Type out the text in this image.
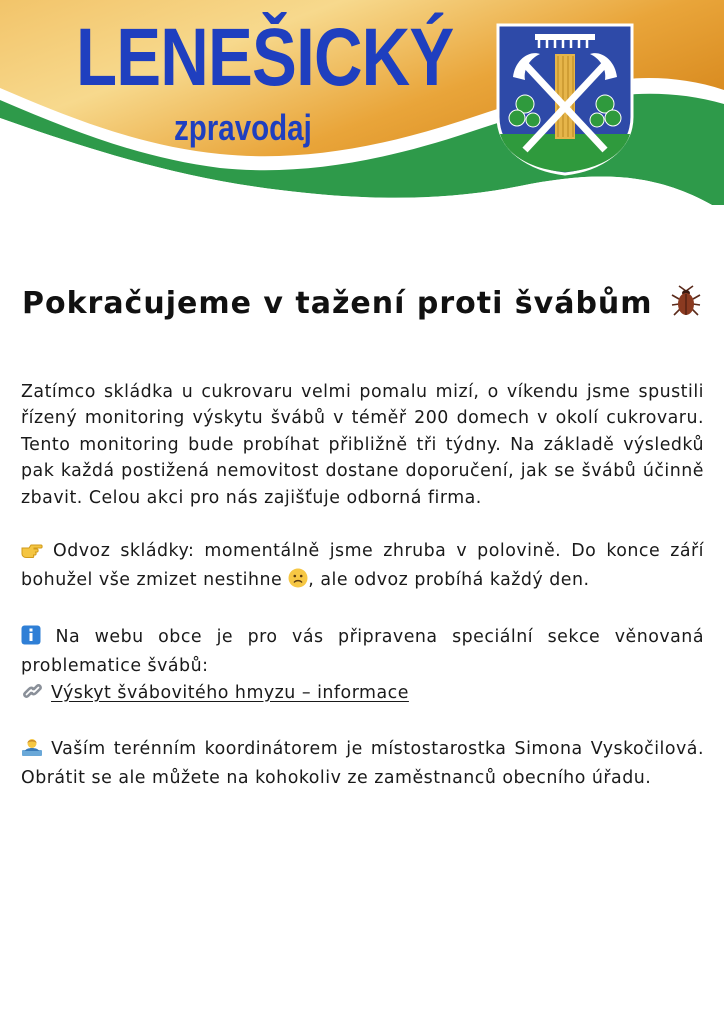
LENEŠICKÝ
zpravodaj
Pokračujeme v tažení proti švábům

Zatímco skládka u cukrovaru velmi pomalu mizí, o víkendu jsme spustili řízený monitoring výskytu švábů v téměř 200 domech v okolí cukrovaru. Tento monitoring bude probíhat přibližně tři týdny. Na základě výsledků pak každá postižená nemovitost dostane doporučení, jak se švábů účinně zbavit. Celou akci pro nás zajišťuje odborná firma.

Odvoz skládky: momentálně jsme zhruba v polovině. Do konce září bohužel vše zmizet nestihne , ale odvoz probíhá každý den.

Na webu obce je pro vás připravena speciální sekce věnovaná problematice švábů:

Výskyt švábovitého hmyzu – informace

Vaším terénním koordinátorem je místostarostka Simona Vyskočilová. Obrátit se ale můžete na kohokoliv ze zaměstnanců obecního úřadu.
